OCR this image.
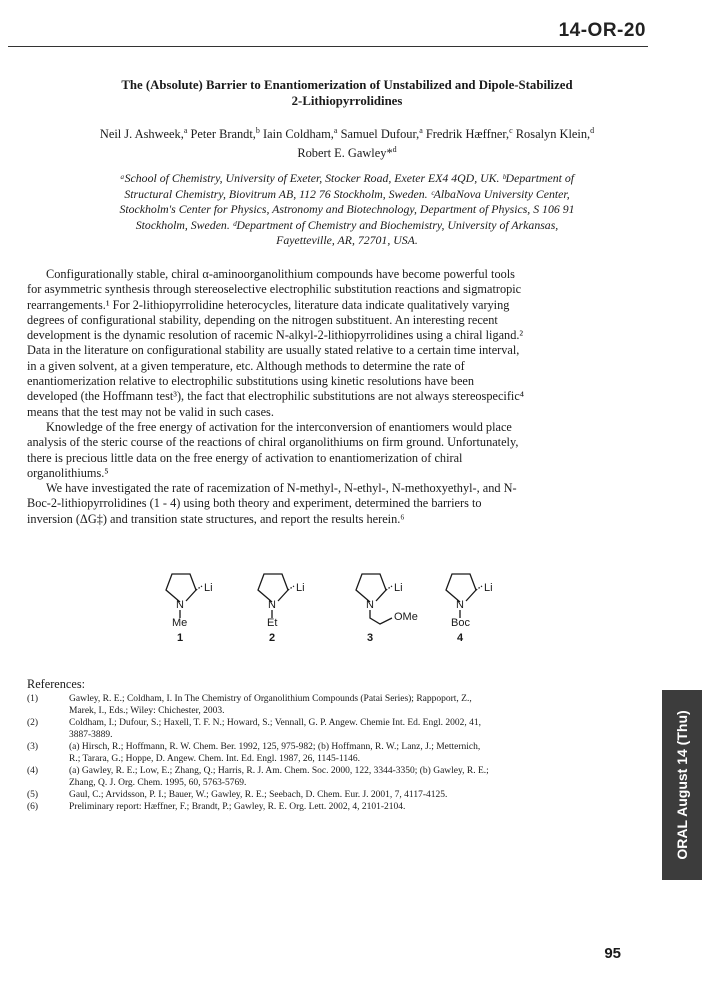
14-OR-20
The (Absolute) Barrier to Enantiomerization of Unstabilized and Dipole-Stabilized
2-Lithiopyrrolidines
Neil J. Ashweek,$^a$ Peter Brandt,$^b$ Iain Coldham,$^a$ Samuel Dufour,$^a$ Fredrik Hæffner,$^c$ Rosalyn Klein,$^d$
Robert E. Gawley*$^d$
ᵃSchool of Chemistry, University of Exeter, Stocker Road, Exeter EX4 4QD, UK. ᵇDepartment of
Structural Chemistry, Biovitrum AB, 112 76 Stockholm, Sweden. ᶜAlbaNova University Center,
Stockholm's Center for Physics, Astronomy and Biotechnology, Department of Physics, S 106 91
Stockholm, Sweden. ᵈDepartment of Chemistry and Biochemistry, University of Arkansas,
Fayetteville, AR, 72701, USA.

Configurationally stable, chiral α-aminoorganolithium compounds have become powerful tools
for asymmetric synthesis through stereoselective electrophilic substitution reactions and sigmatropic
rearrangements.¹ For 2-lithiopyrrolidine heterocycles, literature data indicate qualitatively varying
degrees of configurational stability, depending on the nitrogen substituent. An interesting recent
development is the dynamic resolution of racemic N-alkyl-2-lithiopyrrolidines using a chiral ligand.²
Data in the literature on configurational stability are usually stated relative to a certain time interval,
in a given solvent, at a given temperature, etc. Although methods to determine the rate of
enantiomerization relative to electrophilic substitutions using kinetic resolutions have been
developed (the Hoffmann test³), the fact that electrophilic substitutions are not always stereospecific⁴
means that the test may not be valid in such cases.

Knowledge of the free energy of activation for the interconversion of enantiomers would place
analysis of the steric course of the reactions of chiral organolithiums on firm ground. Unfortunately,
there is precious little data on the free energy of activation to enantiomerization of chiral
organolithiums.⁵

We have investigated the rate of racemization of N-methyl-, N-ethyl-, N-methoxyethyl-, and N-
Boc-2-lithiopyrrolidines (1 - 4) using both theory and experiment, determined the barriers to
inversion (ΔG‡) and transition state structures, and report the results herein.⁶

N
Li
Me
N
Li
Et
N
Li
OMe
N
Li
Boc
1	2	3	4
References:
(1)	Gawley, R. E.; Coldham, I. In The Chemistry of Organolithium Compounds (Patai Series); Rappoport, Z.,
Marek, I., Eds.; Wiley: Chichester, 2003.
(2)	Coldham, I.; Dufour, S.; Haxell, T. F. N.; Howard, S.; Vennall, G. P. Angew. Chemie Int. Ed. Engl. 2002, 41,
3887-3889.
(3)	(a) Hirsch, R.; Hoffmann, R. W. Chem. Ber. 1992, 125, 975-982; (b) Hoffmann, R. W.; Lanz, J.; Metternich,
R.; Tarara, G.; Hoppe, D. Angew. Chem. Int. Ed. Engl. 1987, 26, 1145-1146.
(4)	(a) Gawley, R. E.; Low, E.; Zhang, Q.; Harris, R. J. Am. Chem. Soc. 2000, 122, 3344-3350; (b) Gawley, R. E.;
Zhang, Q. J. Org. Chem. 1995, 60, 5763-5769.
(5)	Gaul, C.; Arvidsson, P. I.; Bauer, W.; Gawley, R. E.; Seebach, D. Chem. Eur. J. 2001, 7, 4117-4125.
(6)	Preliminary report: Hæffner, F.; Brandt, P.; Gawley, R. E. Org. Lett. 2002, 4, 2101-2104.	ORAL August 14 (Thu)
95
